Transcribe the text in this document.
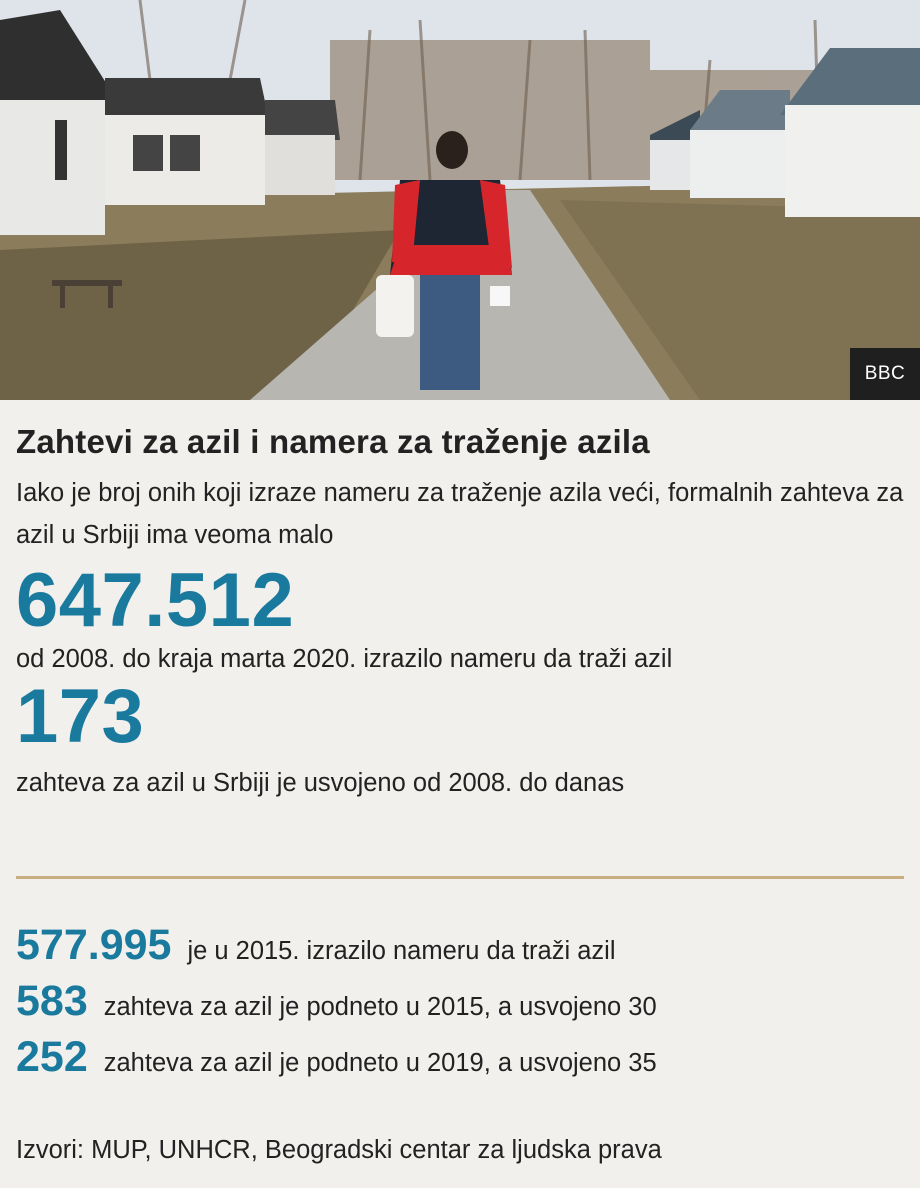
BBC
Zahtevi za azil i namera za traženje azila
Iako je broj onih koji izraze nameru za traženje azila veći, formalnih zahteva za azil u Srbiji ima veoma malo
647.512
od 2008. do kraja marta 2020. izrazilo nameru da traži azil
173
zahteva za azil u Srbiji je usvojeno od 2008. do danas
577.995 je u 2015. izrazilo nameru da traži azil
583 zahteva za azil je podneto u 2015, a usvojeno 30
252 zahteva za azil je podneto u 2019, a usvojeno 35
Izvori: MUP, UNHCR, Beogradski centar za ljudska prava
